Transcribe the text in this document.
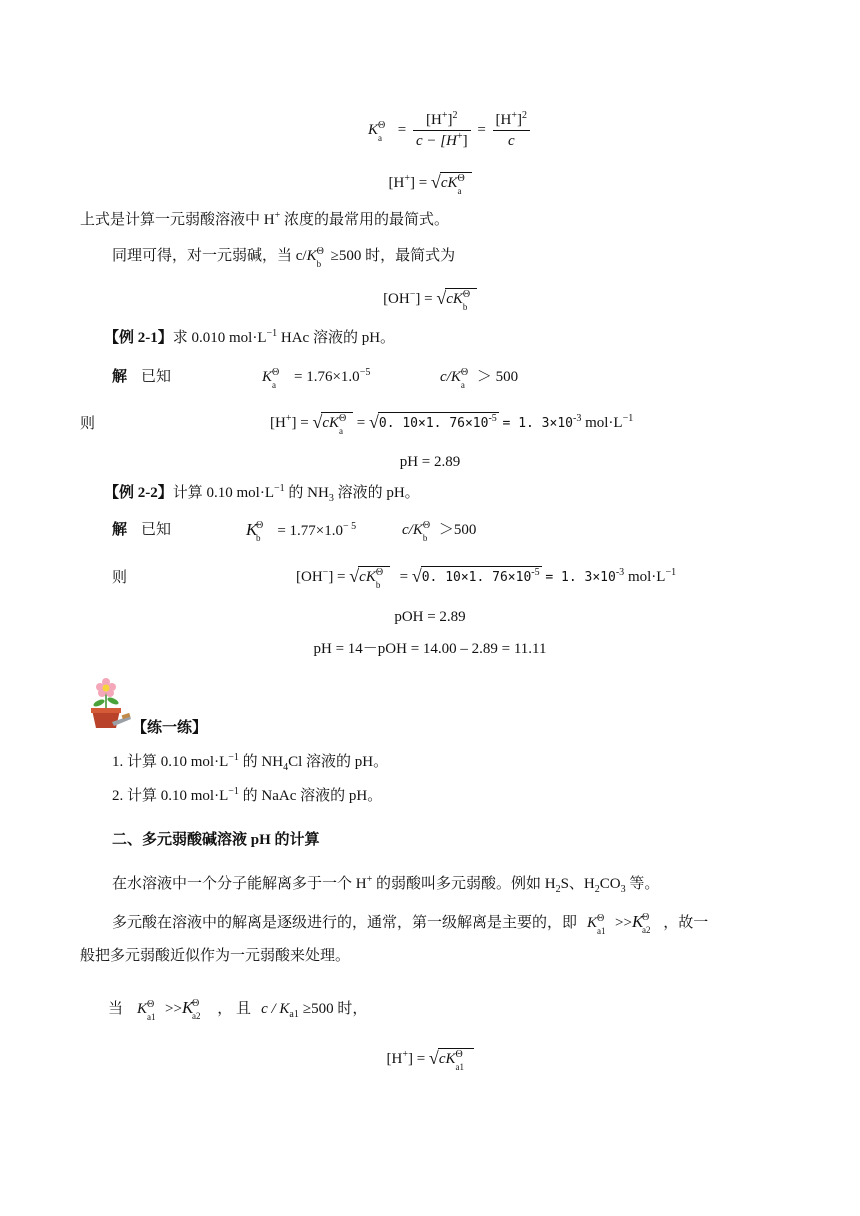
K Θ
$a = \frac{[H^+]^2}{c - [H^+]} = \frac{[H^+]^2}{c}$
[H+] = √cK Θ
a
上式是计算一元弱酸溶液中 H+ 浓度的最常用的最简式。
同理可得，对一元弱碱，当 c/K Θ
b ≥500 时，最简式为
[OH−] = √cK Θ
b
【例 2-1】求 0.010 $mol\cdot L^{-1}$ HAc 溶液的 pH。
解 已知	K Θ
$a = 1.76\times 1.0^{-5}$	c/K Θ
a ＞ 500
则	[H+] = √cK Θ
a = √0. 10×1. $76\times 10^{-5} = 1$. $3\times 10^{-3}$ $mol\cdot L^{-1}$
pH = 2.89
【例 2-2】计算 0.10 $mol\cdot L^{-1}$ 的 $NH_3$ 溶液的 pH。
解 已知	K
Θ
$b = 1.77\times 1.0^{- 5}$	c/K Θ
b ＞500
则	[OH−] = √cK Θ
b = √0. 10×1. $76\times 10^{-5} = 1$. $3\times 10^{-3}$ $mol\cdot L^{-1}$
pOH = 2.89
pH = 14－pOH = 14.00 – 2.89 = 11.11
【练一练】
1. 计算 0.10 $mol\cdot L^{-1}$ 的 $NH_4Cl$ 溶液的 pH。
2. 计算 0.10 $mol\cdot L^{-1}$ 的 NaAc 溶液的 pH。
二、多元弱酸碱溶液 pH 的计算
在水溶液中一个分子能解离多于一个 H+ 的弱酸叫多元弱酸。例如 $H_2S$、$H_2CO_3$ 等。
多元酸在溶液中的解离是逐级进行的，通常，第一级解离是主要的，即 K Θ
a1 >>K
Θ
a2 ，故一
般把多元弱酸近似作为一元弱酸来处理。
当 K Θ
a1 >>K
Θ
a2 ， 且 $c / K_{a1} \ge 500$ 时，
[H+] = √cK Θ
a1
